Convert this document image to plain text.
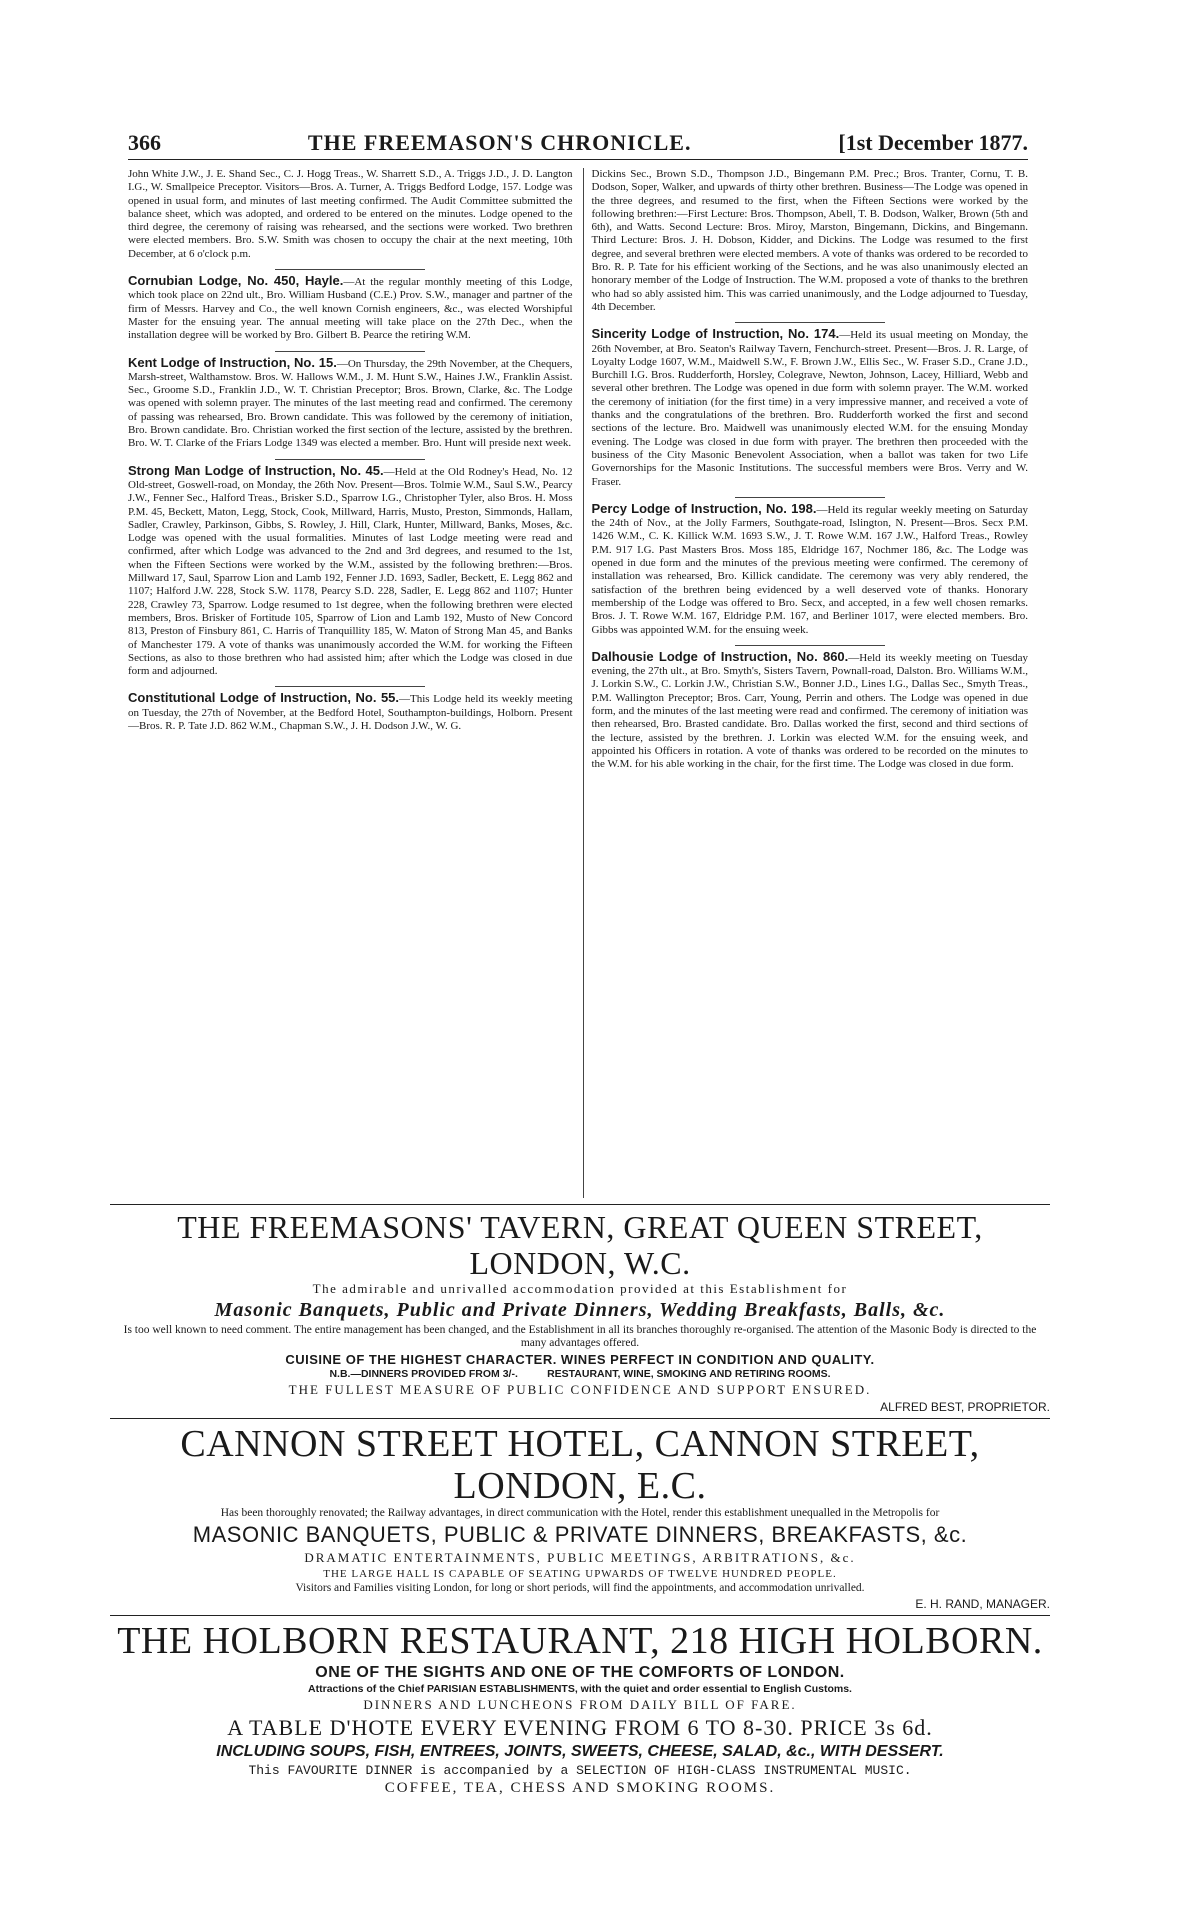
366	THE FREEMASON'S CHRONICLE.	[1st December 1877.

John White J.W., J. E. Shand Sec., C. J. Hogg Treas., W. Sharrett S.D., A. Triggs J.D., J. D. Langton I.G., W. Smallpeice Preceptor. Visitors—Bros. A. Turner, A. Triggs Bedford Lodge, 157. Lodge was opened in usual form, and minutes of last meeting confirmed. The Audit Committee submitted the balance sheet, which was adopted, and ordered to be entered on the minutes. Lodge opened to the third degree, the ceremony of raising was rehearsed, and the sections were worked. Two brethren were elected members. Bro. S.W. Smith was chosen to occupy the chair at the next meeting, 10th December, at 6 o'clock p.m.

Cornubian Lodge, No. 450, Hayle.—At the regular monthly meeting of this Lodge, which took place on 22nd ult., Bro. William Husband (C.E.) Prov. S.W., manager and partner of the firm of Messrs. Harvey and Co., the well known Cornish engineers, &c., was elected Worshipful Master for the ensuing year. The annual meeting will take place on the 27th Dec., when the installation degree will be worked by Bro. Gilbert B. Pearce the retiring W.M.

Kent Lodge of Instruction, No. 15.—On Thursday, the 29th November, at the Chequers, Marsh-street, Walthamstow. Bros. W. Hallows W.M., J. M. Hunt S.W., Haines J.W., Franklin Assist. Sec., Groome S.D., Franklin J.D., W. T. Christian Preceptor; Bros. Brown, Clarke, &c. The Lodge was opened with solemn prayer. The minutes of the last meeting read and confirmed. The ceremony of passing was rehearsed, Bro. Brown candidate. This was followed by the ceremony of initiation, Bro. Brown candidate. Bro. Christian worked the first section of the lecture, assisted by the brethren. Bro. W. T. Clarke of the Friars Lodge 1349 was elected a member. Bro. Hunt will preside next week.

Strong Man Lodge of Instruction, No. 45.—Held at the Old Rodney's Head, No. 12 Old-street, Goswell-road, on Monday, the 26th Nov. Present—Bros. Tolmie W.M., Saul S.W., Pearcy J.W., Fenner Sec., Halford Treas., Brisker S.D., Sparrow I.G., Christopher Tyler, also Bros. H. Moss P.M. 45, Beckett, Maton, Legg, Stock, Cook, Millward, Harris, Musto, Preston, Simmonds, Hallam, Sadler, Crawley, Parkinson, Gibbs, S. Rowley, J. Hill, Clark, Hunter, Millward, Banks, Moses, &c. Lodge was opened with the usual formalities. Minutes of last Lodge meeting were read and confirmed, after which Lodge was advanced to the 2nd and 3rd degrees, and resumed to the 1st, when the Fifteen Sections were worked by the W.M., assisted by the following brethren:—Bros. Millward 17, Saul, Sparrow Lion and Lamb 192, Fenner J.D. 1693, Sadler, Beckett, E. Legg 862 and 1107; Halford J.W. 228, Stock S.W. 1178, Pearcy S.D. 228, Sadler, E. Legg 862 and 1107; Hunter 228, Crawley 73, Sparrow. Lodge resumed to 1st degree, when the following brethren were elected members, Bros. Brisker of Fortitude 105, Sparrow of Lion and Lamb 192, Musto of New Concord 813, Preston of Finsbury 861, C. Harris of Tranquillity 185, W. Maton of Strong Man 45, and Banks of Manchester 179. A vote of thanks was unanimously accorded the W.M. for working the Fifteen Sections, as also to those brethren who had assisted him; after which the Lodge was closed in due form and adjourned.

Constitutional Lodge of Instruction, No. 55.—This Lodge held its weekly meeting on Tuesday, the 27th of November, at the Bedford Hotel, Southampton-buildings, Holborn. Present—Bros. R. P. Tate J.D. 862 W.M., Chapman S.W., J. H. Dodson J.W., W. G.

Dickins Sec., Brown S.D., Thompson J.D., Bingemann P.M. Prec.; Bros. Tranter, Cornu, T. B. Dodson, Soper, Walker, and upwards of thirty other brethren. Business—The Lodge was opened in the three degrees, and resumed to the first, when the Fifteen Sections were worked by the following brethren:—First Lecture: Bros. Thompson, Abell, T. B. Dodson, Walker, Brown (5th and 6th), and Watts. Second Lecture: Bros. Miroy, Marston, Bingemann, Dickins, and Bingemann. Third Lecture: Bros. J. H. Dobson, Kidder, and Dickins. The Lodge was resumed to the first degree, and several brethren were elected members. A vote of thanks was ordered to be recorded to Bro. R. P. Tate for his efficient working of the Sections, and he was also unanimously elected an honorary member of the Lodge of Instruction. The W.M. proposed a vote of thanks to the brethren who had so ably assisted him. This was carried unanimously, and the Lodge adjourned to Tuesday, 4th December.

Sincerity Lodge of Instruction, No. 174.—Held its usual meeting on Monday, the 26th November, at Bro. Seaton's Railway Tavern, Fenchurch-street. Present—Bros. J. R. Large, of Loyalty Lodge 1607, W.M., Maidwell S.W., F. Brown J.W., Ellis Sec., W. Fraser S.D., Crane J.D., Burchill I.G. Bros. Rudderforth, Horsley, Colegrave, Newton, Johnson, Lacey, Hilliard, Webb and several other brethren. The Lodge was opened in due form with solemn prayer. The W.M. worked the ceremony of initiation (for the first time) in a very impressive manner, and received a vote of thanks and the congratulations of the brethren. Bro. Rudderforth worked the first and second sections of the lecture. Bro. Maidwell was unanimously elected W.M. for the ensuing Monday evening. The Lodge was closed in due form with prayer. The brethren then proceeded with the business of the City Masonic Benevolent Association, when a ballot was taken for two Life Governorships for the Masonic Institutions. The successful members were Bros. Verry and W. Fraser.

Percy Lodge of Instruction, No. 198.—Held its regular weekly meeting on Saturday the 24th of Nov., at the Jolly Farmers, Southgate-road, Islington, N. Present—Bros. Secx P.M. 1426 W.M., C. K. Killick W.M. 1693 S.W., J. T. Rowe W.M. 167 J.W., Halford Treas., Rowley P.M. 917 I.G. Past Masters Bros. Moss 185, Eldridge 167, Nochmer 186, &c. The Lodge was opened in due form and the minutes of the previous meeting were confirmed. The ceremony of installation was rehearsed, Bro. Killick candidate. The ceremony was very ably rendered, the satisfaction of the brethren being evidenced by a well deserved vote of thanks. Honorary membership of the Lodge was offered to Bro. Secx, and accepted, in a few well chosen remarks. Bros. J. T. Rowe W.M. 167, Eldridge P.M. 167, and Berliner 1017, were elected members. Bro. Gibbs was appointed W.M. for the ensuing week.

Dalhousie Lodge of Instruction, No. 860.—Held its weekly meeting on Tuesday evening, the 27th ult., at Bro. Smyth's, Sisters Tavern, Pownall-road, Dalston. Bro. Williams W.M., J. Lorkin S.W., C. Lorkin J.W., Christian S.W., Bonner J.D., Lines I.G., Dallas Sec., Smyth Treas., P.M. Wallington Preceptor; Bros. Carr, Young, Perrin and others. The Lodge was opened in due form, and the minutes of the last meeting were read and confirmed. The ceremony of initiation was then rehearsed, Bro. Brasted candidate. Bro. Dallas worked the first, second and third sections of the lecture, assisted by the brethren. J. Lorkin was elected W.M. for the ensuing week, and appointed his Officers in rotation. A vote of thanks was ordered to be recorded on the minutes to the W.M. for his able working in the chair, for the first time. The Lodge was closed in due form.

THE FREEMASONS' TAVERN, GREAT QUEEN STREET, LONDON, W.C.

The admirable and unrivalled accommodation provided at this Establishment for

Masonic Banquets, Public and Private Dinners, Wedding Breakfasts, Balls, &c.

Is too well known to need comment. The entire management has been changed, and the Establishment in all its branches thoroughly re-organised. The attention of the Masonic Body is directed to the many advantages offered.

CUISINE OF THE HIGHEST CHARACTER. WINES PERFECT IN CONDITION AND QUALITY.

N.B.—DINNERS PROVIDED FROM 3/-.	RESTAURANT, WINE, SMOKING AND RETIRING ROOMS.

THE FULLEST MEASURE OF PUBLIC CONFIDENCE AND SUPPORT ENSURED.

ALFRED BEST, PROPRIETOR.

CANNON STREET HOTEL, CANNON STREET, LONDON, E.C.

Has been thoroughly renovated; the Railway advantages, in direct communication with the Hotel, render this establishment unequalled in the Metropolis for

MASONIC BANQUETS, PUBLIC & PRIVATE DINNERS, BREAKFASTS, &c.

DRAMATIC ENTERTAINMENTS, PUBLIC MEETINGS, ARBITRATIONS, &c.

THE LARGE HALL IS CAPABLE OF SEATING UPWARDS OF TWELVE HUNDRED PEOPLE.

Visitors and Families visiting London, for long or short periods, will find the appointments, and accommodation unrivalled.

E. H. RAND, MANAGER.

THE HOLBORN RESTAURANT, 218 HIGH HOLBORN.

ONE OF THE SIGHTS AND ONE OF THE COMFORTS OF LONDON.

Attractions of the Chief PARISIAN ESTABLISHMENTS, with the quiet and order essential to English Customs.

DINNERS AND LUNCHEONS FROM DAILY BILL OF FARE.

A TABLE D'HOTE EVERY EVENING FROM 6 TO 8-30. PRICE 3s 6d.

INCLUDING SOUPS, FISH, ENTREES, JOINTS, SWEETS, CHEESE, SALAD, &c., WITH DESSERT.

This FAVOURITE DINNER is accompanied by a SELECTION OF HIGH-CLASS INSTRUMENTAL MUSIC.

COFFEE, TEA, CHESS AND SMOKING ROOMS.
